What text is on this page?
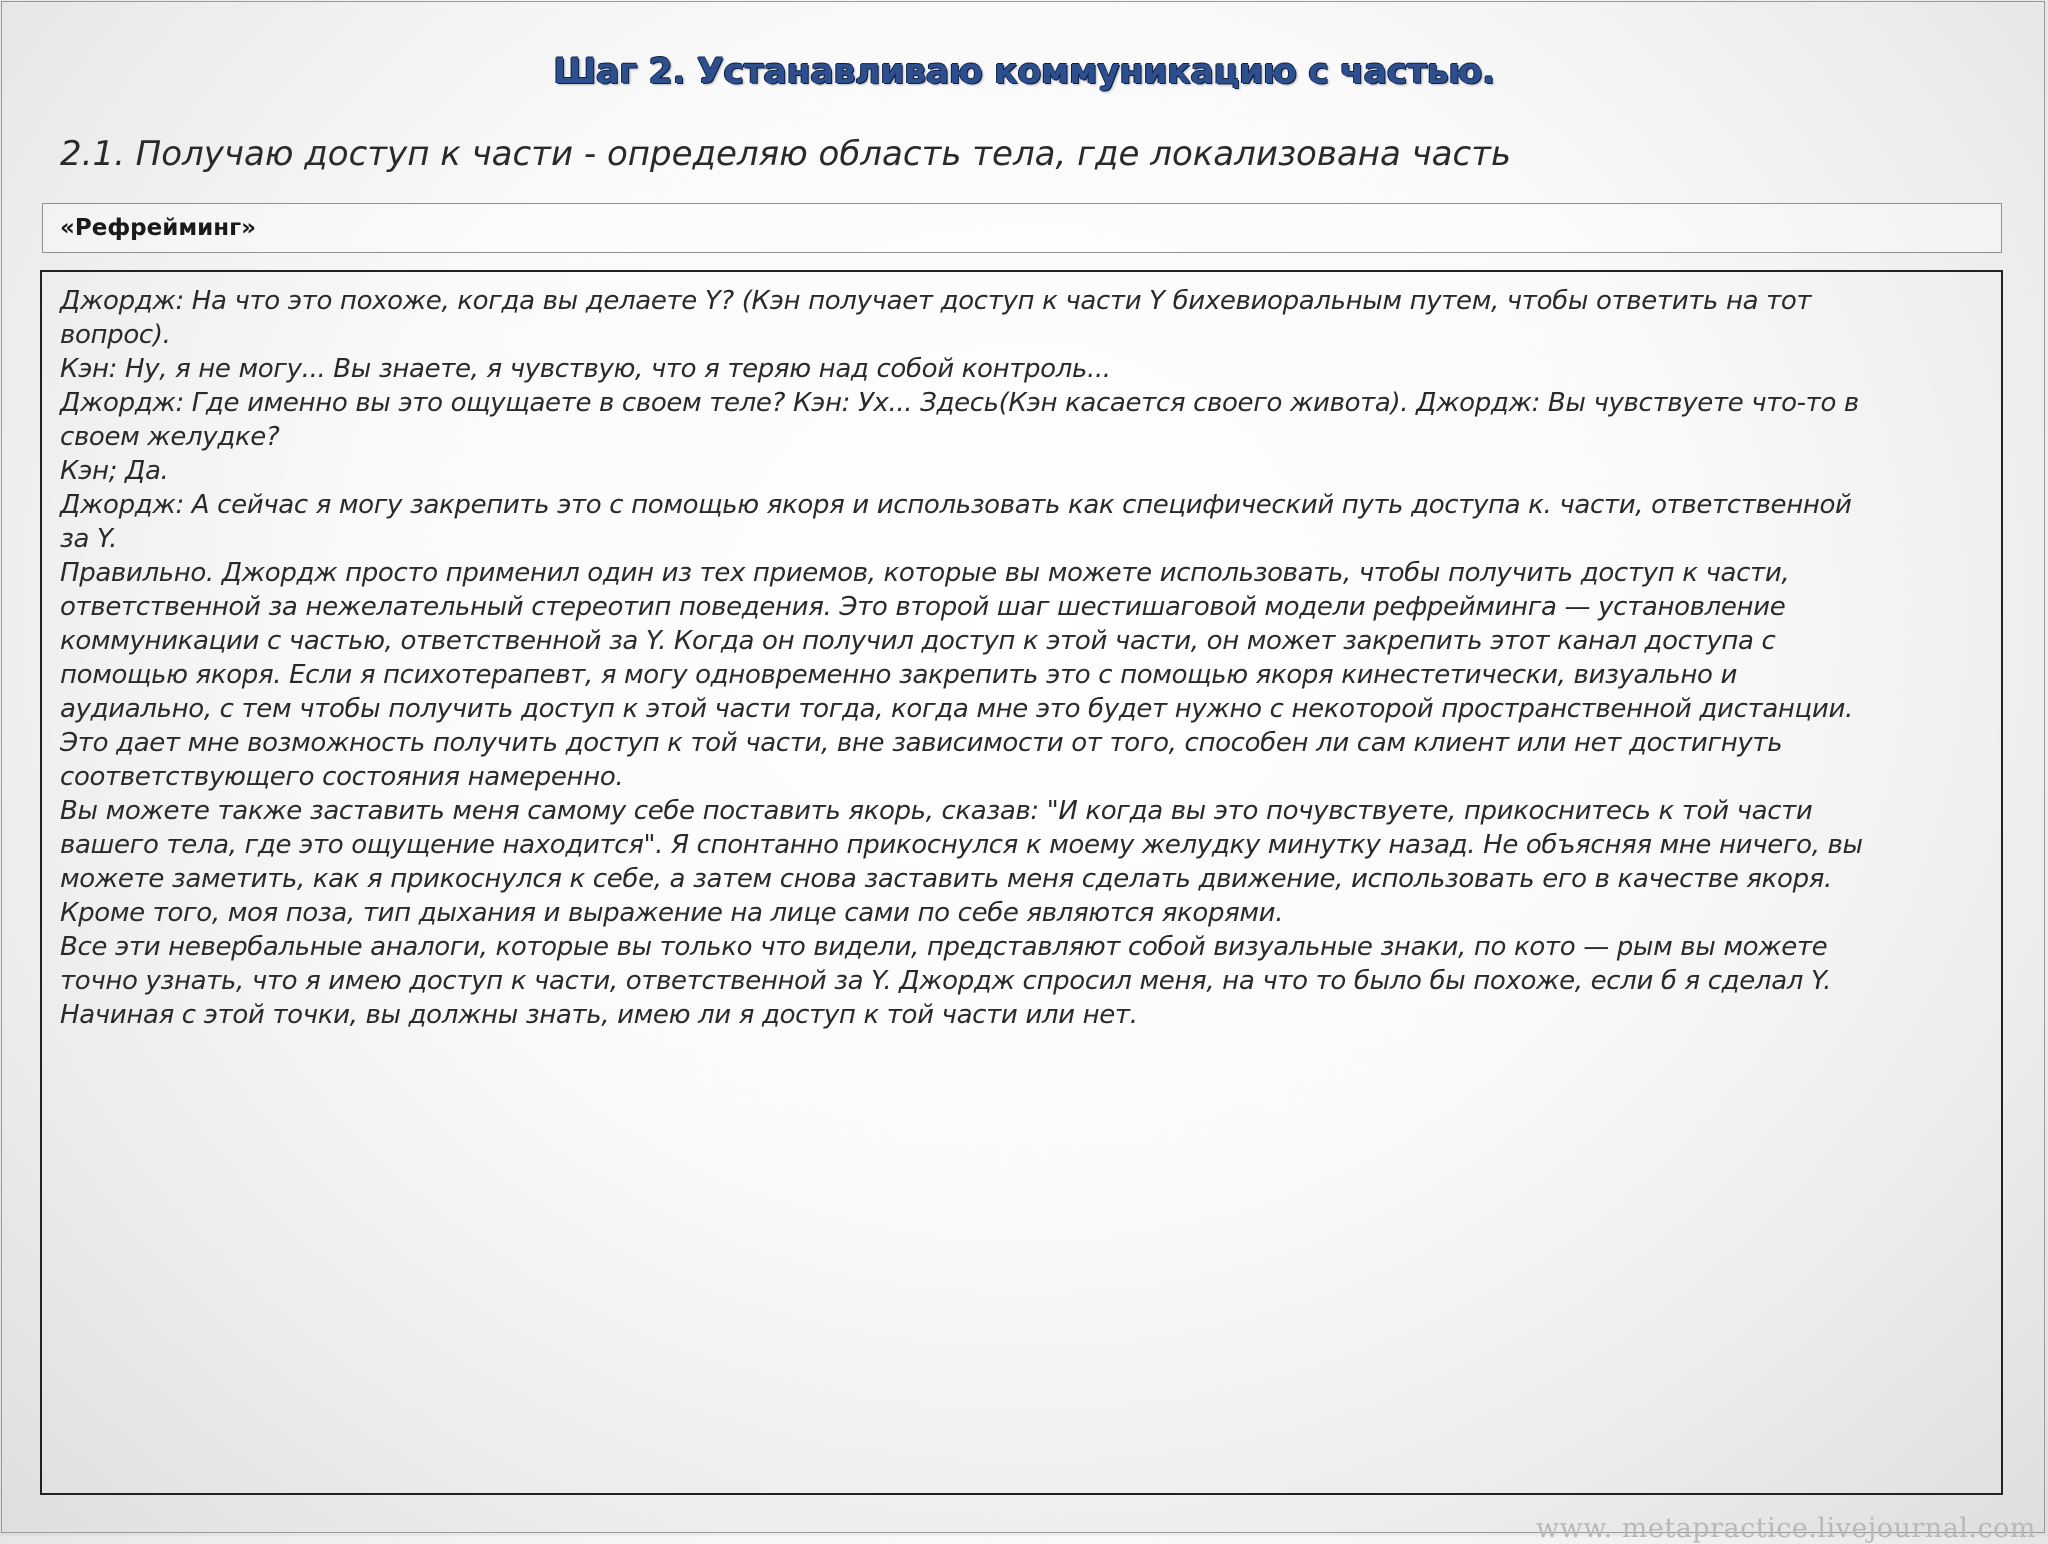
Шаг 2. Устанавливаю коммуникацию с частью.
2.1. Получаю доступ к части - определяю область тела, где локализована часть
«Рефрейминг»
Джордж: На что это похоже, когда вы делаете Y? (Кэн получает доступ к части Y бихевиоральным путем, чтобы ответить на тот
вопрос).
Кэн: Ну, я не могу... Вы знаете, я чувствую, что я теряю над собой контроль...
Джордж: Где именно вы это ощущаете в своем теле? Кэн: Ух... Здесь(Кэн касается своего живота). Джордж: Вы чувствуете что-то в
своем желудке?
Кэн; Да.
Джордж: А сейчас я могу закрепить это с помощью якоря и использовать как специфический путь доступа к. части, ответственной
за Y.
Правильно. Джордж просто применил один из тех приемов, которые вы можете использовать, чтобы получить доступ к части,
ответственной за нежелательный стереотип поведения. Это второй шаг шестишаговой модели рефрейминга — установление
коммуникации с частью, ответственной за Y. Когда он получил доступ к этой части, он может закрепить этот канал доступа с
помощью якоря. Если я психотерапевт, я могу одновременно закрепить это с помощью якоря кинестетически, визуально и
аудиально, с тем чтобы получить доступ к этой части тогда, когда мне это будет нужно с некоторой пространственной дистанции.
Это дает мне возможность получить доступ к той части, вне зависимости от того, способен ли сам клиент или нет достигнуть
соответствующего состояния намеренно.
Вы можете также заставить меня самому себе поставить якорь, сказав: "И когда вы это почувствуете, прикоснитесь к той части
вашего тела, где это ощущение находится". Я спонтанно прикоснулся к моему желудку минутку назад. Не объясняя мне ничего, вы
можете заметить, как я прикоснулся к себе, а затем снова заставить меня сделать движение, использовать его в качестве якоря.
Кроме того, моя поза, тип дыхания и выражение на лице сами по себе являются якорями.
Все эти невербальные аналоги, которые вы только что видели, представляют собой визуальные знаки, по кото — рым вы можете
точно узнать, что я имею доступ к части, ответственной за Y. Джордж спросил меня, на что то было бы похоже, если б я сделал Y.
Начиная с этой точки, вы должны знать, имею ли я доступ к той части или нет.
www. metapractice.livejournal.com
